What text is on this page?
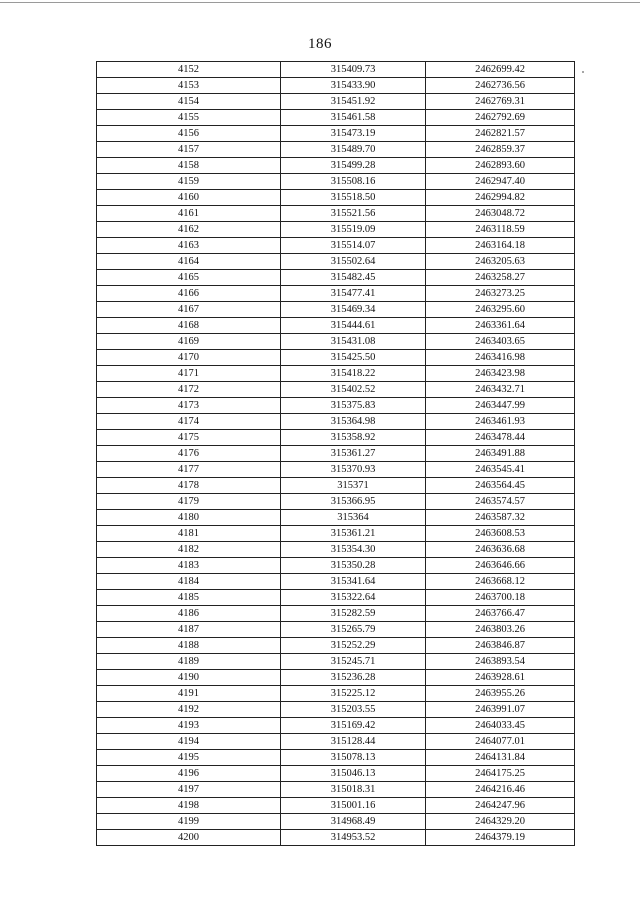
186
4152	315409.73	2462699.42
4153	315433.90	2462736.56
4154	315451.92	2462769.31
4155	315461.58	2462792.69
4156	315473.19	2462821.57
4157	315489.70	2462859.37
4158	315499.28	2462893.60
4159	315508.16	2462947.40
4160	315518.50	2462994.82
4161	315521.56	2463048.72
4162	315519.09	2463118.59
4163	315514.07	2463164.18
4164	315502.64	2463205.63
4165	315482.45	2463258.27
4166	315477.41	2463273.25
4167	315469.34	2463295.60
4168	315444.61	2463361.64
4169	315431.08	2463403.65
4170	315425.50	2463416.98
4171	315418.22	2463423.98
4172	315402.52	2463432.71
4173	315375.83	2463447.99
4174	315364.98	2463461.93
4175	315358.92	2463478.44
4176	315361.27	2463491.88
4177	315370.93	2463545.41
4178	315371	2463564.45
4179	315366.95	2463574.57
4180	315364	2463587.32
4181	315361.21	2463608.53
4182	315354.30	2463636.68
4183	315350.28	2463646.66
4184	315341.64	2463668.12
4185	315322.64	2463700.18
4186	315282.59	2463766.47
4187	315265.79	2463803.26
4188	315252.29	2463846.87
4189	315245.71	2463893.54
4190	315236.28	2463928.61
4191	315225.12	2463955.26
4192	315203.55	2463991.07
4193	315169.42	2464033.45
4194	315128.44	2464077.01
4195	315078.13	2464131.84
4196	315046.13	2464175.25
4197	315018.31	2464216.46
4198	315001.16	2464247.96
4199	314968.49	2464329.20
4200	314953.52	2464379.19
